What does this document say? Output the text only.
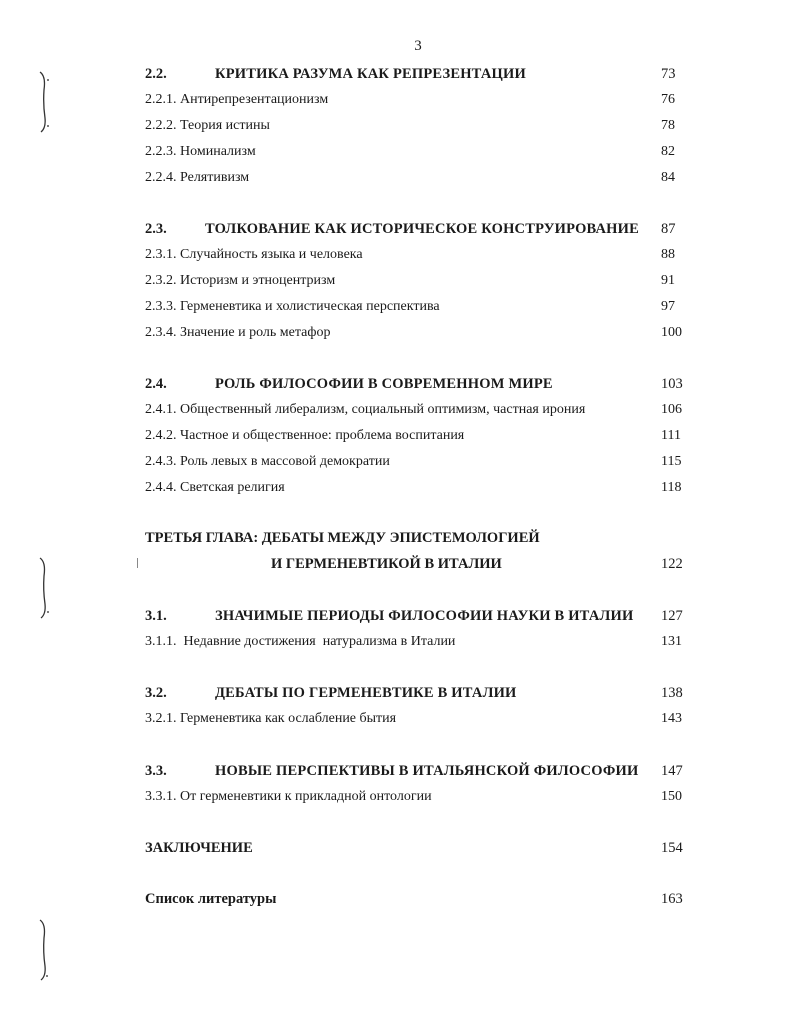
3
2.2.	КРИТИКА РАЗУМА КАК РЕПРЕЗЕНТАЦИИ	73
2.2.1. Антирепрезентационизм	76
2.2.2. Теория истины	78
2.2.3. Номинализм	82
2.2.4. Релятивизм	84
2.3.	ТОЛКОВАНИЕ КАК ИСТОРИЧЕСКОЕ КОНСТРУИРОВАНИЕ 87
2.3.1. Случайность языка и человека	88
2.3.2. Историзм и этноцентризм	91
2.3.3. Герменевтика и холистическая перспектива	97
2.3.4. Значение и роль метафор	100
2.4.	РОЛЬ ФИЛОСОФИИ В СОВРЕМЕННОМ МИРЕ	103
2.4.1. Общественный либерализм, социальный оптимизм, частная ирония	106
2.4.2. Частное и общественное: проблема воспитания	111
2.4.3. Роль левых в массовой демократии	115
2.4.4. Светская религия	118
ТРЕТЬЯ ГЛАВА: ДЕБАТЫ МЕЖДУ ЭПИСТЕМОЛОГИЕЙ
И ГЕРМЕНЕВТИКОЙ В ИТАЛИИ	122
3.1.	ЗНАЧИМЫЕ ПЕРИОДЫ ФИЛОСОФИИ НАУКИ В ИТАЛИИ 127
3.1.1.  Недавние достижения  натурализма в Италии	131
3.2.	ДЕБАТЫ ПО ГЕРМЕНЕВТИКЕ В ИТАЛИИ	138
3.2.1. Герменевтика как ослабление бытия	143
3.3.	НОВЫЕ ПЕРСПЕКТИВЫ В ИТАЛЬЯНСКОЙ ФИЛОСОФИИ 147
3.3.1. От герменевтики к прикладной онтологии	150
ЗАКЛЮЧЕНИЕ	154
Список литературы	163
